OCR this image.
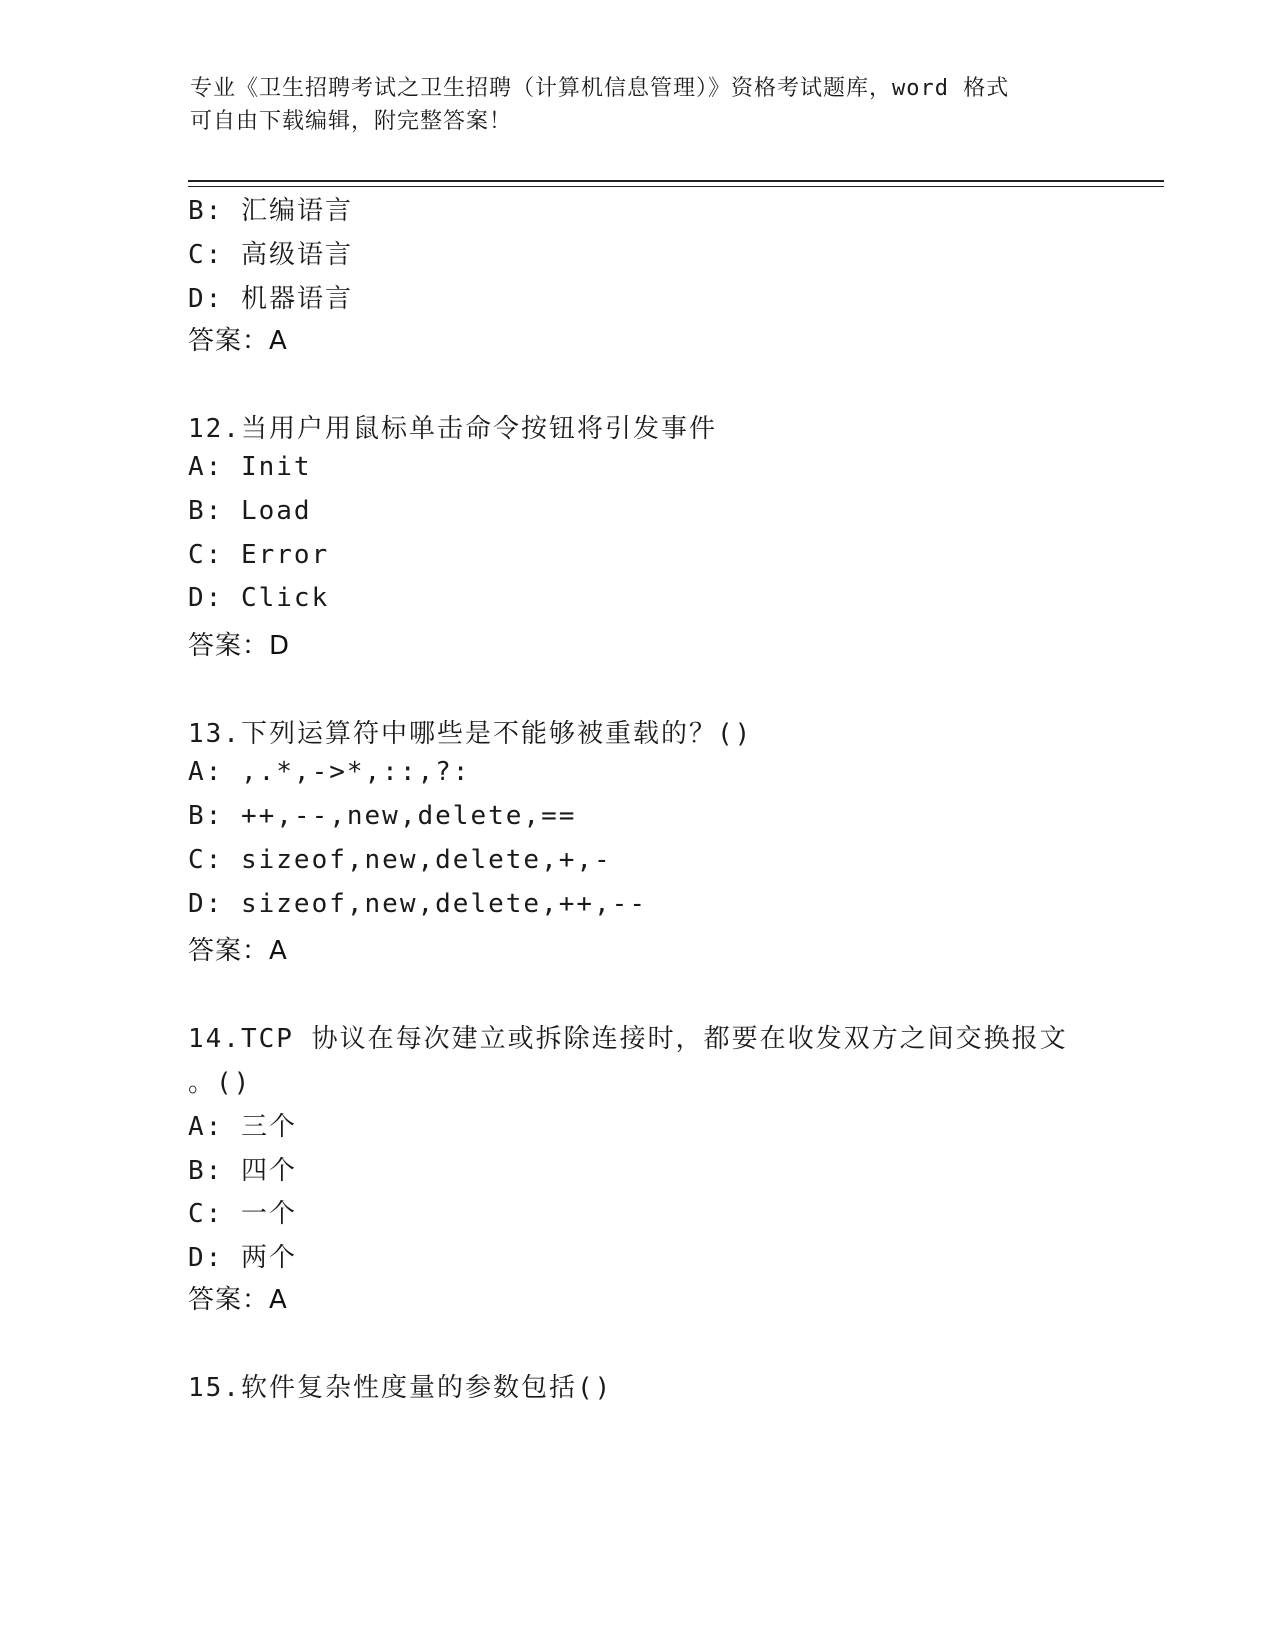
专业《卫生招聘考试之卫生招聘（计算机信息管理）》资格考试题库，word 格式
可自由下载编辑，附完整答案！
B: 汇编语言
C: 高级语言
D: 机器语言
答案：A
12.当用户用鼠标单击命令按钮将引发事件
A: Init
B: Load
C: Error
D: Click
答案：D
13.下列运算符中哪些是不能够被重载的？()
A: ,.*,->*,::,?:
B: ++,--,new,delete,==
C: sizeof,new,delete,+,-
D: sizeof,new,delete,++,--
答案：A
14.TCP 协议在每次建立或拆除连接时，都要在收发双方之间交换报文
。()
A: 三个
B: 四个
C: 一个
D: 两个
答案：A
15.软件复杂性度量的参数包括()
